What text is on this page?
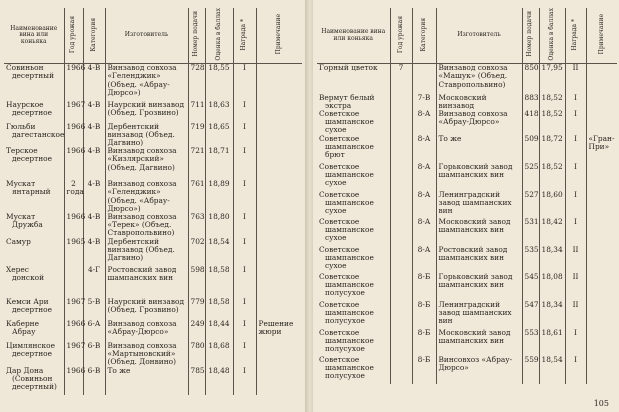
Наименование вина или коньяка	Год урожая	Категория	Изготовитель	Номер подачи	Оценка в баллах	Награда *	Примечание
Совиньон десертный	1966	4-В	Винзавод совхоза «Геленджик» (Объед. «Абрау-Дюрсо»)	728	18,55	I	
Наурское десертное	1967	4-В	Наурский винзавод (Объед. Грозвино)	711	18,63	I	
Гюльби дагестанское	1966	4-В	Дербентский винзавод (Объед. Дагвино)	719	18,65	I	
Терское десертное	1966	4-В	Винзавод совхоза «Кизлярский» (Объед. Дагвино)	721	18,71	I	
Мускат янтарный	2 года	4-В	Винзавод совхоза «Геленджик» (Объед. «Абрау-Дюрсо»)	761	18,89	I	
Мускат Дружба	1966	4-В	Винзавод совхоза «Терек» (Объед. Ставропольвино)	763	18,80	I	
Самур	1965	4-В	Дербентский винзавод (Объед. Дагвино)	702	18,54	I	
Херес донской		4-Г	Ростовский завод шампанских вин	598	18,58	I	
Кемси Ари десертное	1967	5-В	Наурский винзавод (Объед. Грозвино)	779	18,58	I	
Каберне Абрау	1966	6-А	Винзавод совхоза «Абрау-Дюрсо»	249	18,44	I	Решение жюри
Цимлянское десертное	1967	6-В	Винзавод совхоза «Мартыновский» (Объед. Донвино)	780	18,68	I	
Дар Дона (Совиньон десертный)	1966	6-В	То же	785	18,48	I	
Наименование вина или коньяка	Год урожая	Категория	Изготовитель	Номер подачи	Оценка в баллах	Награда *	Примечание
Горный цветок	7		Винзавод совхоза «Машук» (Объед. Ставропольвино)	850	17,95	II	
Вермут белый экстра		7-В	Московский винзавод	883	18,52	I	
Советское шампанское сухое		8-А	Винзавод совхоза «Абрау-Дюрсо»	418	18,52	I	
Советское шампанское брют		8-А	То же	509	18,72	I	«Гран-При»
Советское шампанское сухое		8-А	Горьковский завод шампанских вин	525	18,52	I	
Советское шампанское сухое		8-А	Ленинградский завод шампанских вин	527	18,60	I	
Советское шампанское сухое		8-А	Московский завод шампанских вин	531	18,42	I	
Советское шампанское сухое		8-А	Ростовский завод шампанских вин	535	18,34	II	
Советское шампанское полусухое		8-Б	Горьковский завод шампанских вин	545	18,08	II	
Советское шампанское полусухое		8-Б	Ленинградский завод шампанских вин	547	18,34	II	
Советское шампанское полусухое		8-Б	Московский завод шампанских вин	553	18,61	I	
Советское шампанское полусухое		8-Б	Винсовхоз «Абрау-Дюрсо»	559	18,54	I	
105
